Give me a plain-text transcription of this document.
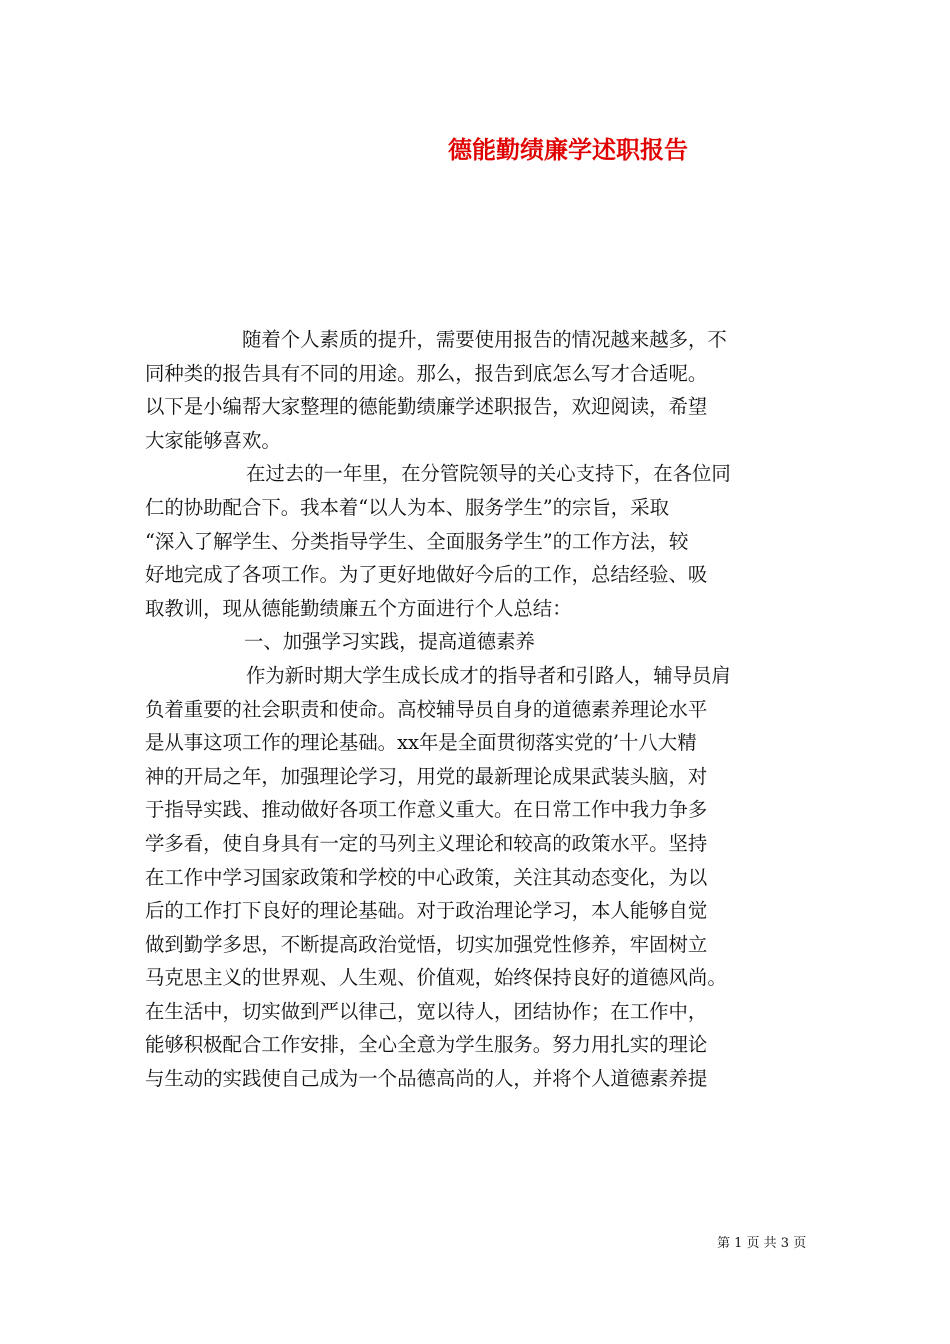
德能勤绩廉学述职报告
随着个人素质的提升，需要使用报告的情况越来越多，不
同种类的报告具有不同的用途。那么，报告到底怎么写才合适呢。
以下是小编帮大家整理的德能勤绩廉学述职报告，欢迎阅读，希望
大家能够喜欢。
在过去的一年里，在分管院领导的关心支持下，在各位同
仁的协助配合下。我本着“以人为本、服务学生”的宗旨，采取
“深入了解学生、分类指导学生、全面服务学生”的工作方法，较
好地完成了各项工作。为了更好地做好今后的工作，总结经验、吸
取教训，现从德能勤绩廉五个方面进行个人总结：
一、加强学习实践，提高道德素养
作为新时期大学生成长成才的指导者和引路人，辅导员肩
负着重要的社会职责和使命。高校辅导员自身的道德素养理论水平
是从事这项工作的理论基础。xx年是全面贯彻落实党的’十八大精
神的开局之年，加强理论学习，用党的最新理论成果武装头脑，对
于指导实践、推动做好各项工作意义重大。在日常工作中我力争多
学多看，使自身具有一定的马列主义理论和较高的政策水平。坚持
在工作中学习国家政策和学校的中心政策，关注其动态变化，为以
后的工作打下良好的理论基础。对于政治理论学习，本人能够自觉
做到勤学多思，不断提高政治觉悟，切实加强党性修养，牢固树立
马克思主义的世界观、人生观、价值观，始终保持良好的道德风尚。
在生活中，切实做到严以律己，宽以待人，团结协作；在工作中，
能够积极配合工作安排，全心全意为学生服务。努力用扎实的理论
与生动的实践使自己成为一个品德高尚的人，并将个人道德素养提
第 1 页 共 3 页
